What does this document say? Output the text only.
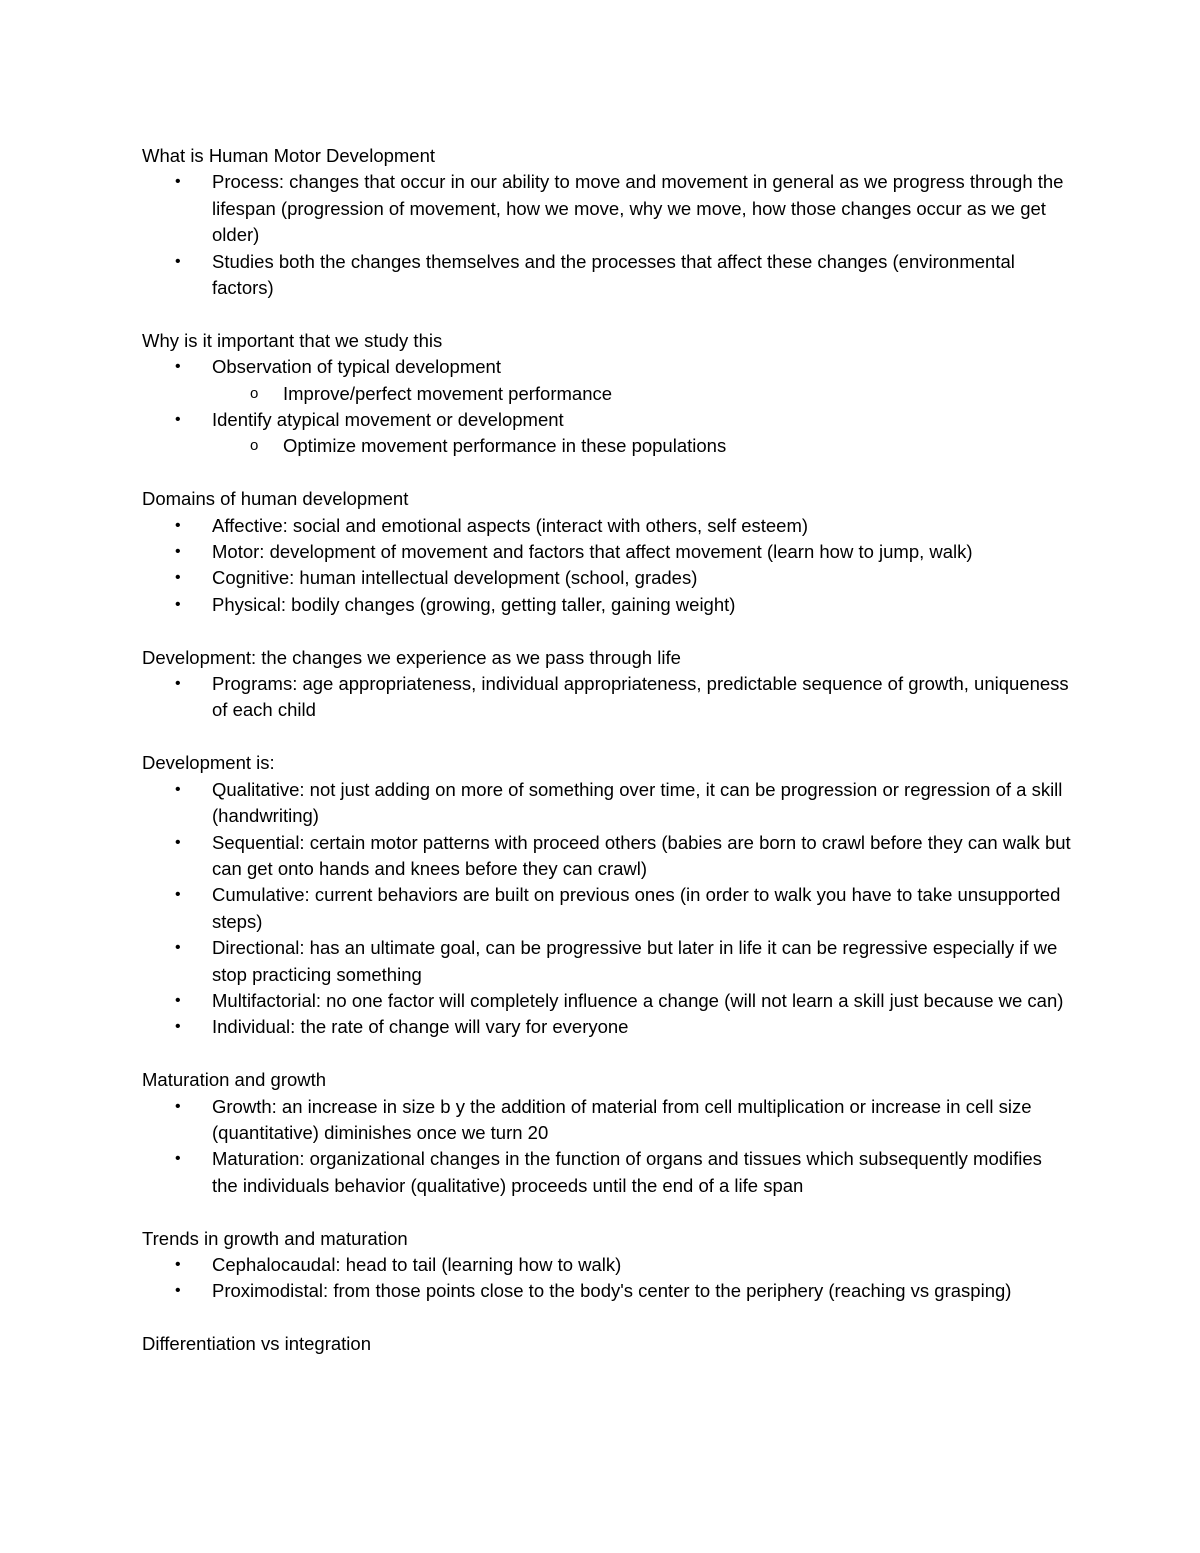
What is Human Motor Development

• Process: changes that occur in our ability to move and movement in general as we progress through the lifespan (progression of movement, how we move, why we move, how those changes occur as we get older)
• Studies both the changes themselves and the processes that affect these changes (environmental factors)

Why is it important that we study this

• Observation of typical development
o Improve/perfect movement performance
• Identify atypical movement or development
o Optimize movement performance in these populations

Domains of human development

• Affective: social and emotional aspects (interact with others, self esteem)
• Motor: development of movement and factors that affect movement (learn how to jump, walk)
• Cognitive: human intellectual development (school, grades)
• Physical: bodily changes (growing, getting taller, gaining weight)

Development: the changes we experience as we pass through life

• Programs: age appropriateness, individual appropriateness, predictable sequence of growth, uniqueness of each child

Development is:

• Qualitative: not just adding on more of something over time, it can be progression or regression of a skill (handwriting)
• Sequential: certain motor patterns with proceed others (babies are born to crawl before they can walk but can get onto hands and knees before they can crawl)
• Cumulative: current behaviors are built on previous ones (in order to walk you have to take unsupported steps)
• Directional: has an ultimate goal, can be progressive but later in life it can be regressive especially if we stop practicing something
• Multifactorial: no one factor will completely influence a change (will not learn a skill just because we can)
• Individual: the rate of change will vary for everyone

Maturation and growth

• Growth: an increase in size b y the addition of material from cell multiplication or increase in cell size (quantitative) diminishes once we turn 20
• Maturation: organizational changes in the function of organs and tissues which subsequently modifies the individuals behavior (qualitative) proceeds until the end of a life span

Trends in growth and maturation

• Cephalocaudal: head to tail (learning how to walk)
• Proximodistal: from those points close to the body's center to the periphery (reaching vs grasping)

Differentiation vs integration
